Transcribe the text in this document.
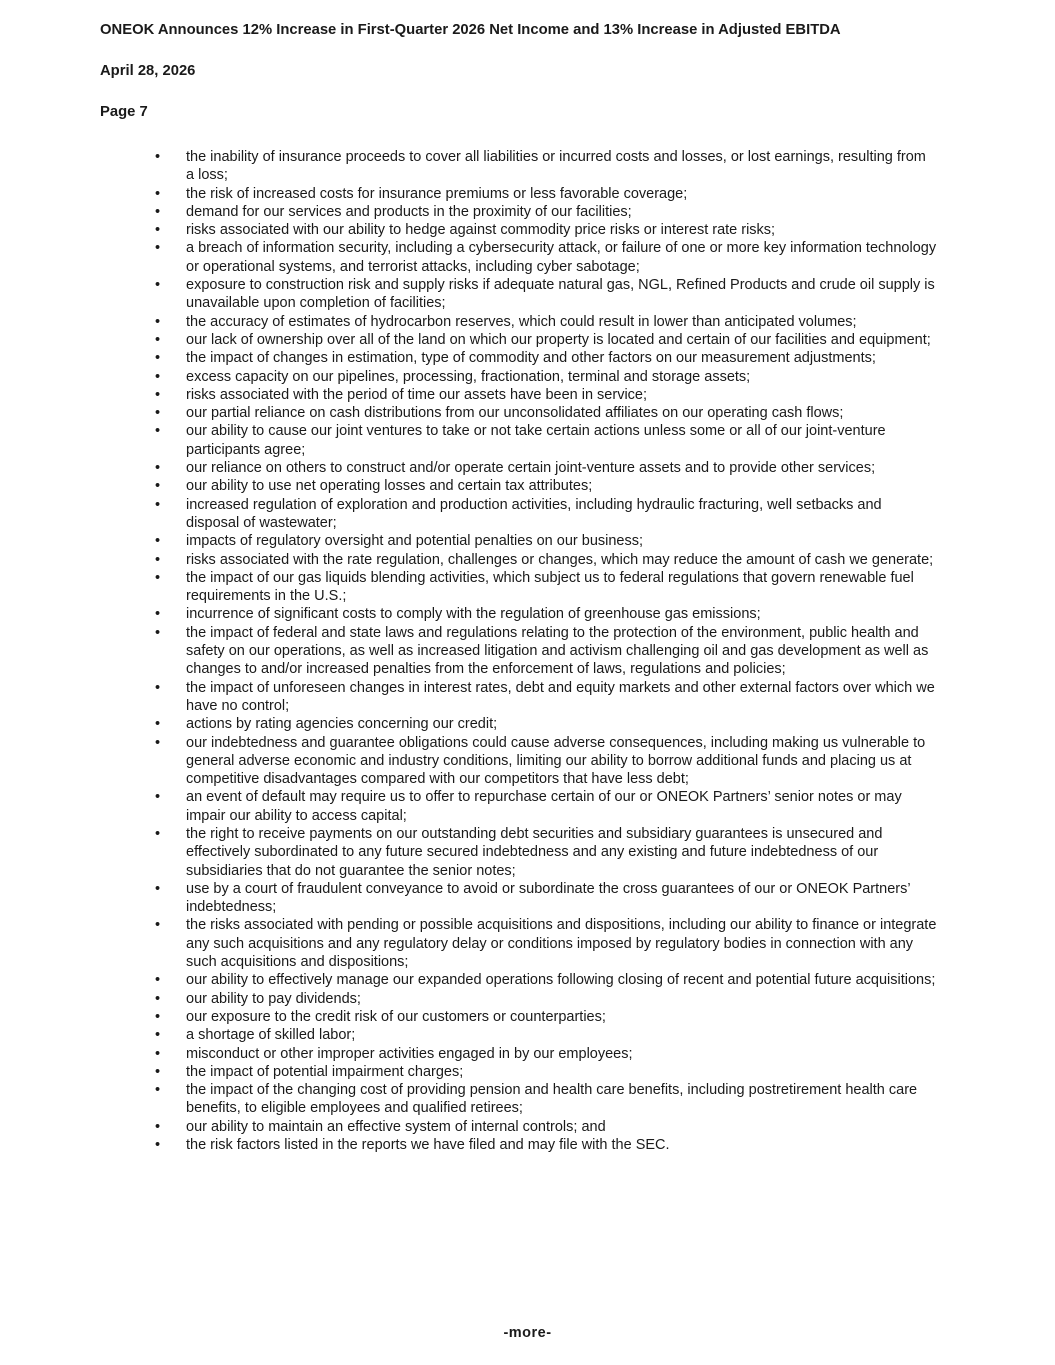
ONEOK Announces 12% Increase in First-Quarter 2026 Net Income and 13% Increase in Adjusted EBITDA
April 28, 2026
Page 7
•	the inability of insurance proceeds to cover all liabilities or incurred costs and losses, or lost earnings, resulting from a loss;
•	the risk of increased costs for insurance premiums or less favorable coverage;
•	demand for our services and products in the proximity of our facilities;
•	risks associated with our ability to hedge against commodity price risks or interest rate risks;
•	a breach of information security, including a cybersecurity attack, or failure of one or more key information technology or operational systems, and terrorist attacks, including cyber sabotage;
•	exposure to construction risk and supply risks if adequate natural gas, NGL, Refined Products and crude oil supply is unavailable upon completion of facilities;
•	the accuracy of estimates of hydrocarbon reserves, which could result in lower than anticipated volumes;
•	our lack of ownership over all of the land on which our property is located and certain of our facilities and equipment;
•	the impact of changes in estimation, type of commodity and other factors on our measurement adjustments;
•	excess capacity on our pipelines, processing, fractionation, terminal and storage assets;
•	risks associated with the period of time our assets have been in service;
•	our partial reliance on cash distributions from our unconsolidated affiliates on our operating cash flows;
•	our ability to cause our joint ventures to take or not take certain actions unless some or all of our joint-venture participants agree;
•	our reliance on others to construct and/or operate certain joint-venture assets and to provide other services;
•	our ability to use net operating losses and certain tax attributes;
•	increased regulation of exploration and production activities, including hydraulic fracturing, well setbacks and disposal of wastewater;
•	impacts of regulatory oversight and potential penalties on our business;
•	risks associated with the rate regulation, challenges or changes, which may reduce the amount of cash we generate;
•	the impact of our gas liquids blending activities, which subject us to federal regulations that govern renewable fuel requirements in the U.S.;
•	incurrence of significant costs to comply with the regulation of greenhouse gas emissions;
•	the impact of federal and state laws and regulations relating to the protection of the environment, public health and safety on our operations, as well as increased litigation and activism challenging oil and gas development as well as changes to and/or increased penalties from the enforcement of laws, regulations and policies;
•	the impact of unforeseen changes in interest rates, debt and equity markets and other external factors over which we have no control;
•	actions by rating agencies concerning our credit;
•	our indebtedness and guarantee obligations could cause adverse consequences, including making us vulnerable to general adverse economic and industry conditions, limiting our ability to borrow additional funds and placing us at competitive disadvantages compared with our competitors that have less debt;
•	an event of default may require us to offer to repurchase certain of our or ONEOK Partners’ senior notes or may impair our ability to access capital;
•	the right to receive payments on our outstanding debt securities and subsidiary guarantees is unsecured and effectively subordinated to any future secured indebtedness and any existing and future indebtedness of our subsidiaries that do not guarantee the senior notes;
•	use by a court of fraudulent conveyance to avoid or subordinate the cross guarantees of our or ONEOK Partners’ indebtedness;
•	the risks associated with pending or possible acquisitions and dispositions, including our ability to finance or integrate any such acquisitions and any regulatory delay or conditions imposed by regulatory bodies in connection with any such acquisitions and dispositions;
•	our ability to effectively manage our expanded operations following closing of recent and potential future acquisitions;
•	our ability to pay dividends;
•	our exposure to the credit risk of our customers or counterparties;
•	a shortage of skilled labor;
•	misconduct or other improper activities engaged in by our employees;
•	the impact of potential impairment charges;
•	the impact of the changing cost of providing pension and health care benefits, including postretirement health care benefits, to eligible employees and qualified retirees;
•	our ability to maintain an effective system of internal controls; and
•	the risk factors listed in the reports we have filed and may file with the SEC.
-more-
